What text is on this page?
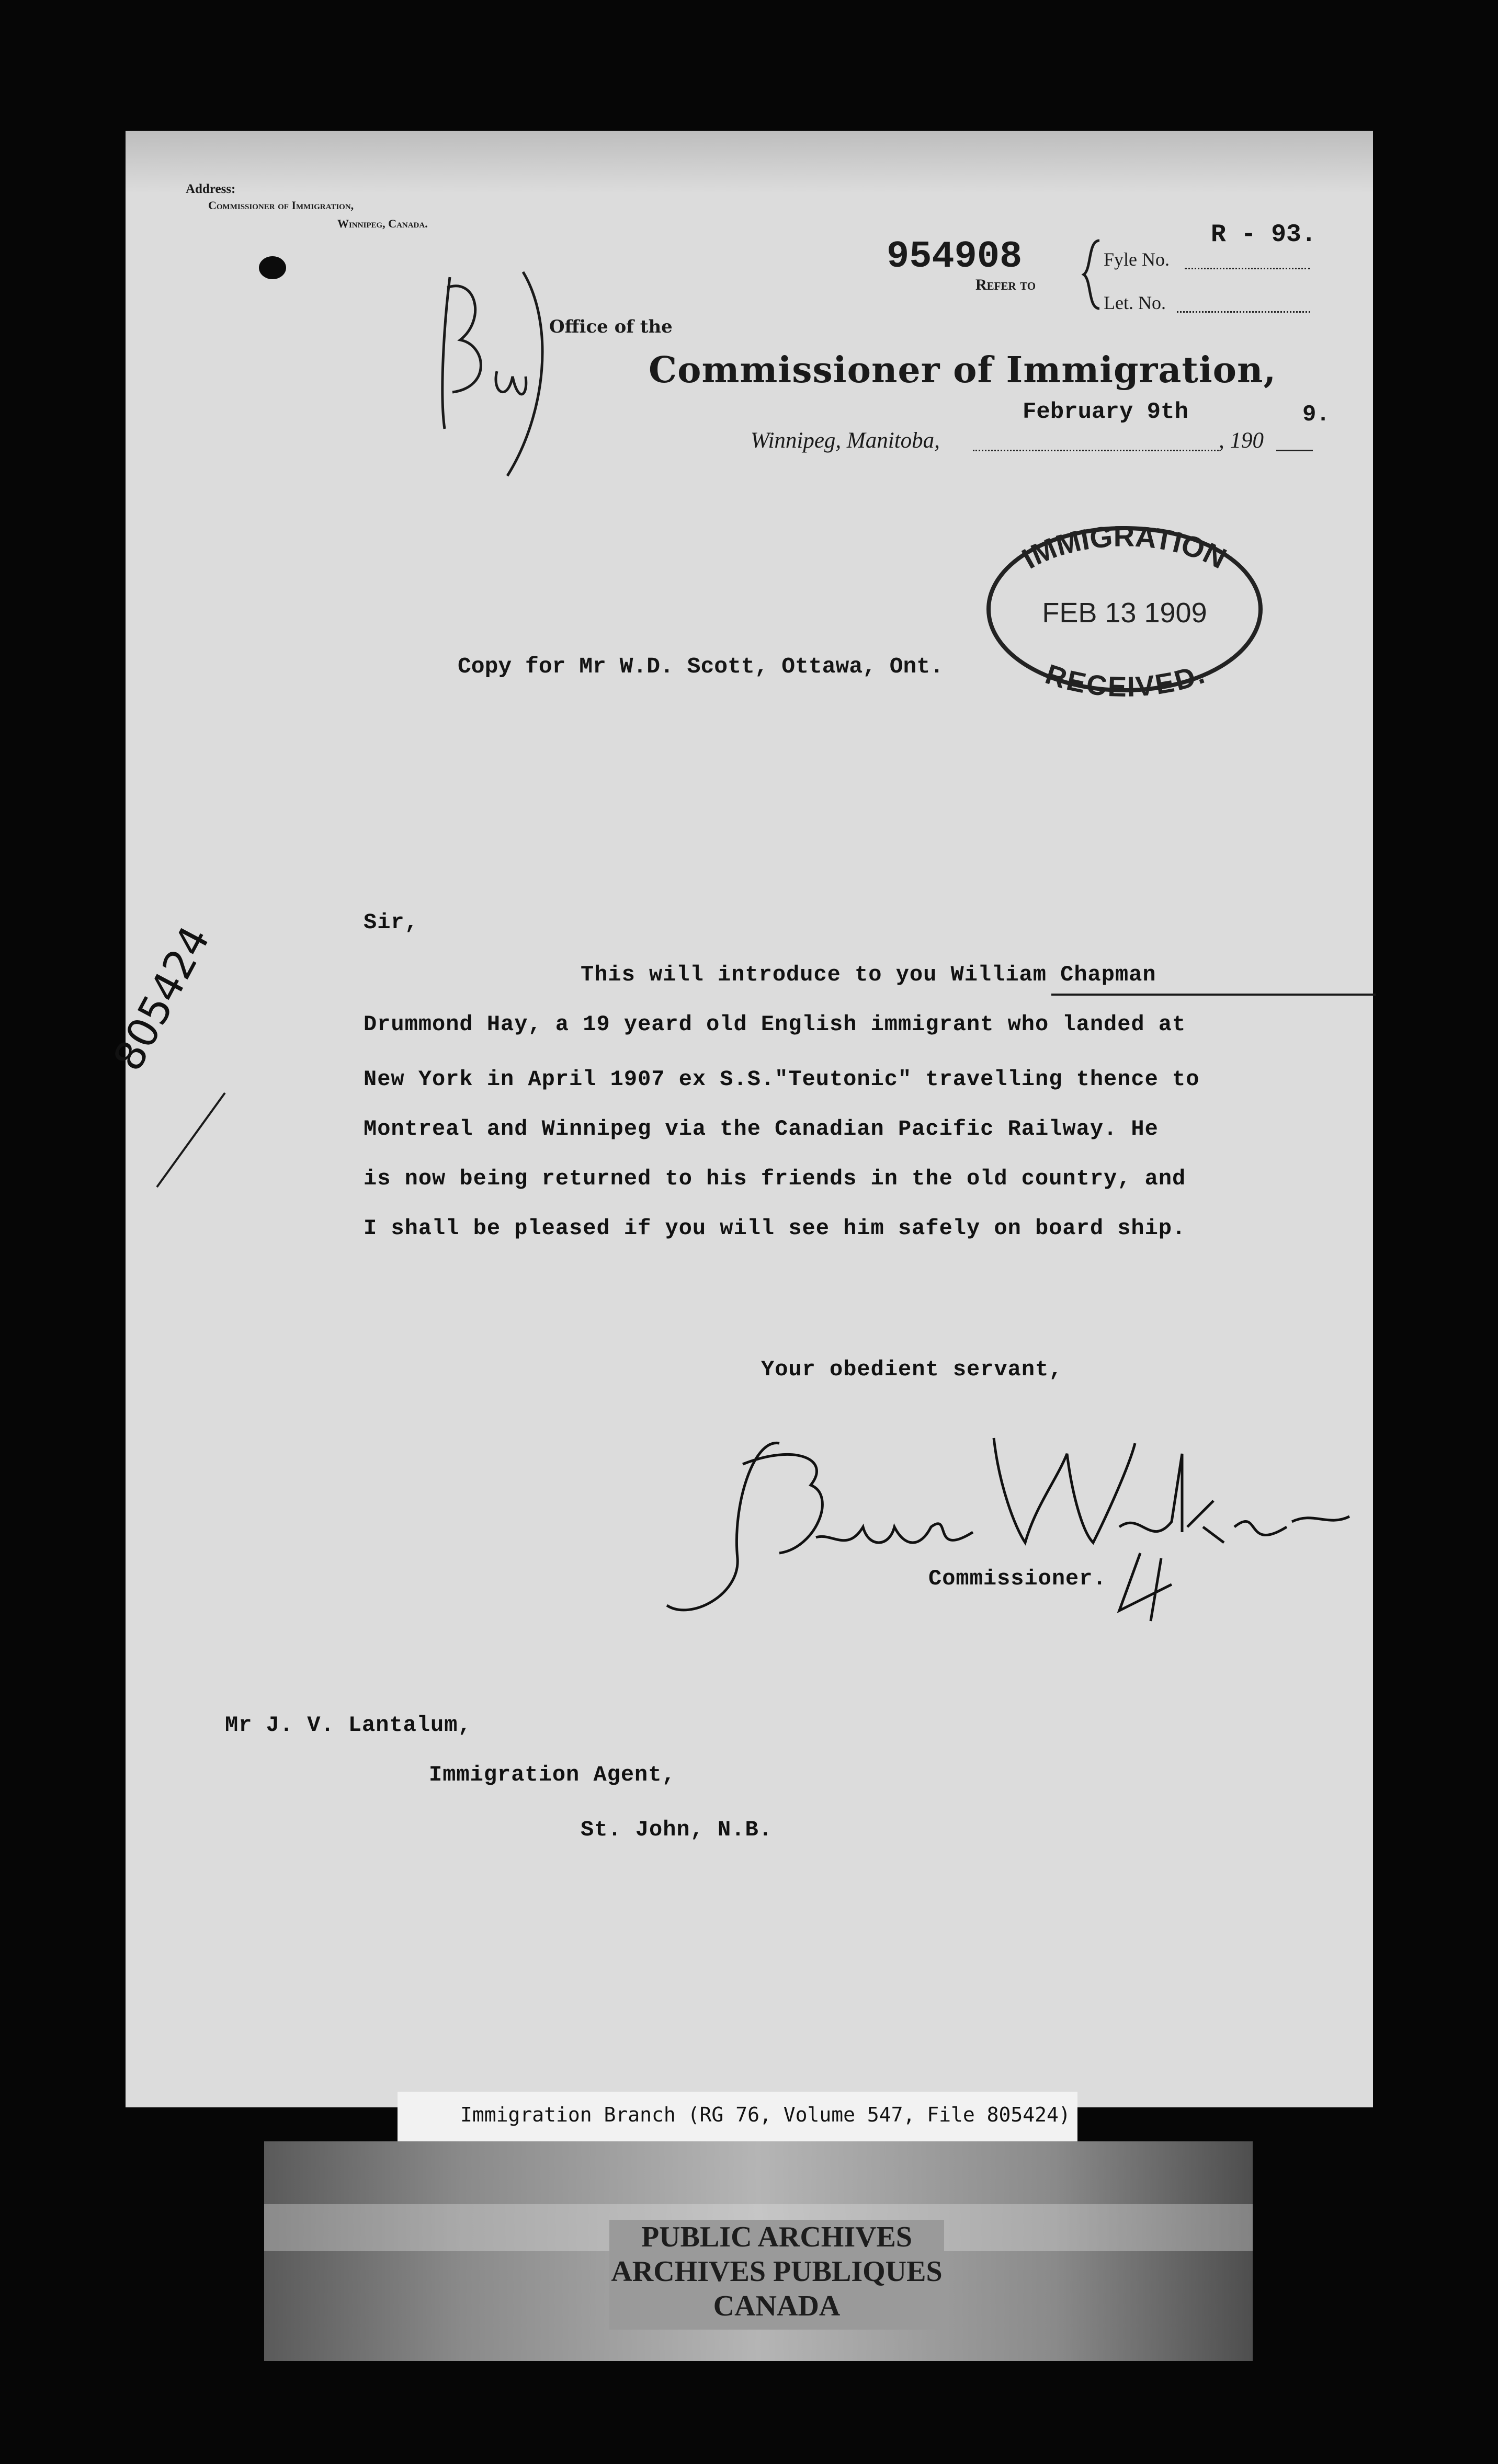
Address:
Commissioner of Immigration,
Winnipeg, Canada.
954908
Refer to
Fyle No.
Let. No.
R - 93.
Office of the
Commissioner of Immigration,
February 9th	9.
Winnipeg, Manitoba,	, 190
Copy for Mr W.D. Scott, Ottawa, Ont.
805424	Sir,
This will introduce to you William Chapman
Drummond Hay, a 19 yeard old English immigrant who landed at
New York in April 1907 ex S.S."Teutonic" travelling thence to
Montreal and Winnipeg via the Canadian Pacific Railway. He
is now being returned to his friends in the old country, and
I shall be pleased if you will see him safely on board ship.
Your obedient servant,
Commissioner.
Mr J. V. Lantalum,
Immigration Agent,
St. John, N.B.
IMMIGRATION
FEB 13 1909
RECEIVED.
Immigration Branch (RG 76, Volume 547, File 805424)
PUBLIC ARCHIVES
ARCHIVES PUBLIQUES
CANADA
